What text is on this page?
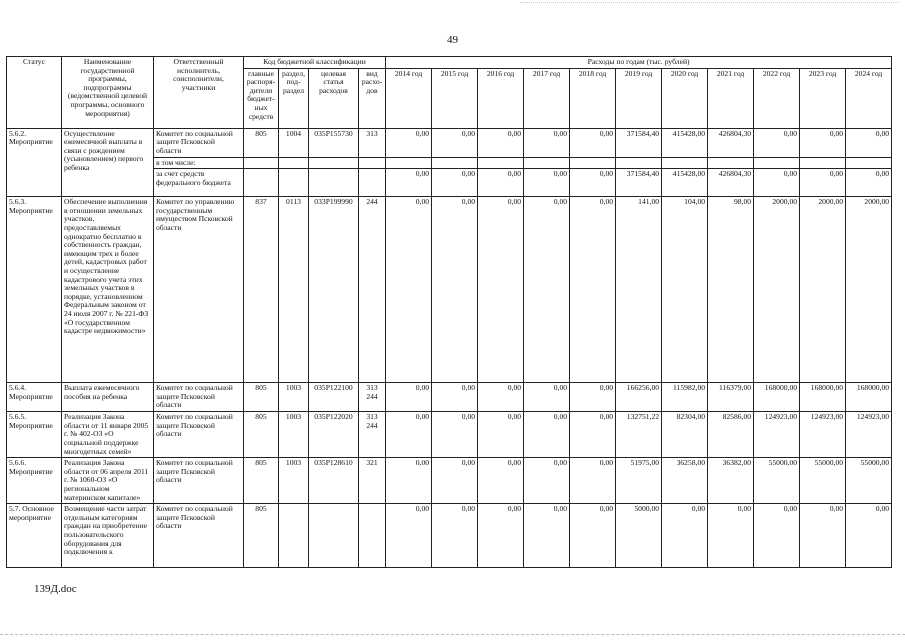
49
Статус	Наименование государственной программы, подпрограммы (ведомственной целевой программы, основного мероприятия)	Ответственный исполнитель, соисполнители, участники	Код бюджетной классификации				Расходы по годам (тыс. рублей)										
			главные распоря-дители бюджет-ных средств	раздел, под-раздел	целевая статья расходов	вид расхо-дов	2014 год	2015 год	2016 год	2017 год	2018 год	2019 год	2020 год	2021 год	2022 год	2023 год	2024 год
5.6.2. Мероприятие	Осуществление ежемесячной выплаты в связи с рождением (усыновлением) первого ребенка	Комитет по социальной защите Псковской области	805	1004	035P155730	313	0,00	0,00	0,00	0,00	0,00	371584,40	415428,00	426804,30	0,00	0,00	0,00
		в том числе:															
		за счет средств федерального бюджета					0,00	0,00	0,00	0,00	0,00	371584,40	415428,00	426804,30	0,00	0,00	0,00
5.6.3. Мероприятие	Обеспечение выполнения в отношении земельных участков, предоставляемых однократно бесплатно в собственность граждан, имеющим трех и более детей, кадастровых работ и осуществление кадастрового учета этих земельных участков в порядке, установленном Федеральным законом от 24 июля 2007 г. № 221-ФЗ «О государственном кадастре недвижимости»	Комитет по управлению государственным имуществом Псковской области	837	0113	033P199990	244	0,00	0,00	0,00	0,00	0,00	141,00	104,00	98,00	2000,00	2000,00	2000,00
5.6.4. Мероприятие	Выплата ежемесячного пособия на ребенка	Комитет по социальной защите Псковской области	805	1003	035P122100	313 244	0,00	0,00	0,00	0,00	0,00	166256,00	115982,00	116379,00	168000,00	168000,00	168000,00
5.6.5. Мероприятие	Реализация Закона области от 11 января 2005 г. № 402-ОЗ «О социальной поддержке многодетных семей»	Комитет по социальной защите Псковской области	805	1003	035P122020	313 244	0,00	0,00	0,00	0,00	0,00	132751,22	82304,00	82586,00	124923,00	124923,00	124923,00
5.6.6. Мероприятие	Реализация Закона области от 06 апреля 2011 г. № 1060-ОЗ «О региональном материнском капитале»	Комитет по социальной защите Псковской области	805	1003	035P128610	321	0,00	0,00	0,00	0,00	0,00	51975,00	36258,00	36382,00	55000,00	55000,00	55000,00
5.7. Основное мероприятие	Возмещение части затрат отдельным категориям граждан на приобретение пользовательского оборудования для подключения к	Комитет по социальной защите Псковской области	805				0,00	0,00	0,00	0,00	0,00	5000,00	0,00	0,00	0,00	0,00	0,00
139Д.doc
